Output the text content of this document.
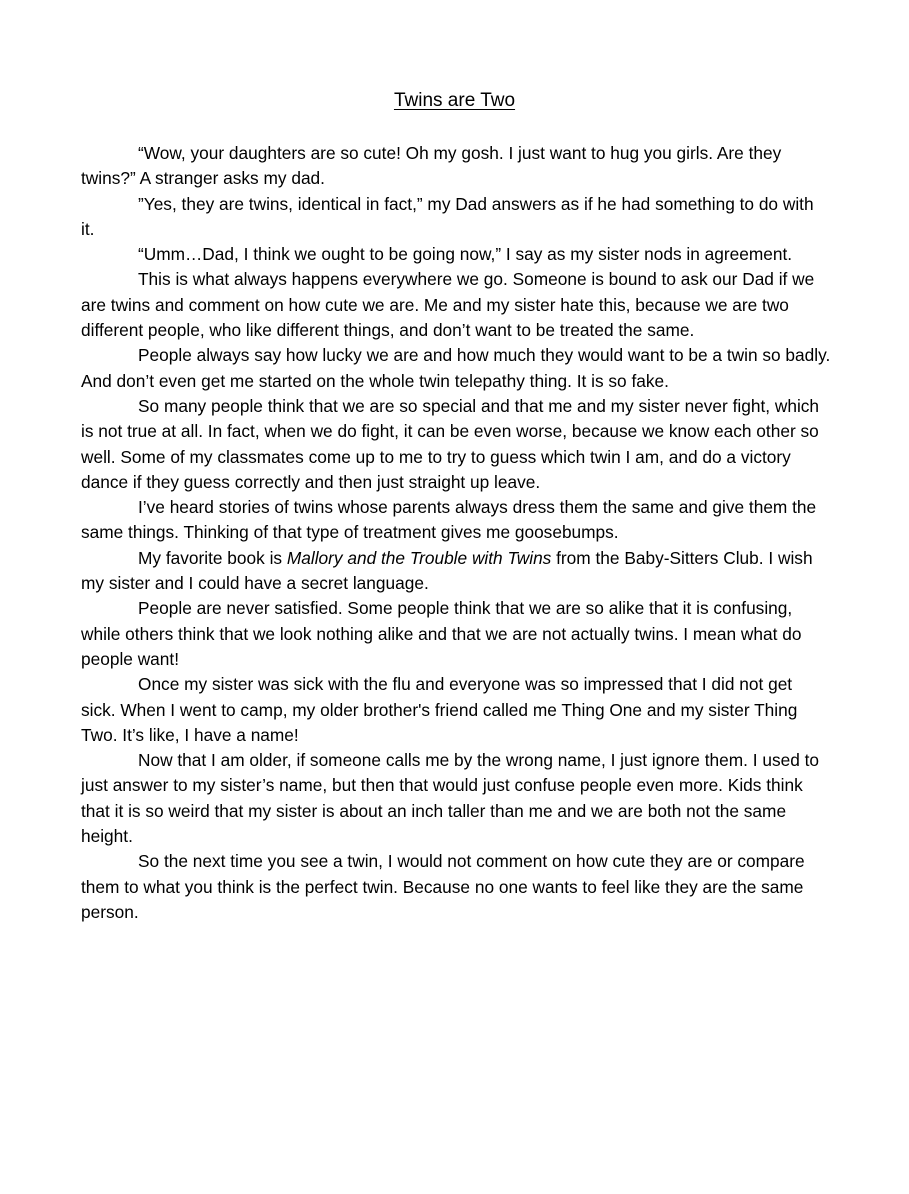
Twins are Two

“Wow, your daughters are so cute! Oh my gosh. I just want to hug you girls. Are they twins?” A stranger asks my dad.

”Yes, they are twins, identical in fact,” my Dad answers as if he had something to do with it.

“Umm…Dad, I think we ought to be going now,” I say as my sister nods in agreement.

This is what always happens everywhere we go. Someone is bound to ask our Dad if we are twins and comment on how cute we are. Me and my sister hate this, because we are two different people, who like different things, and don’t want to be treated the same.

People always say how lucky we are and how much they would want to be a twin so badly. And don’t even get me started on the whole twin telepathy thing. It is so fake.

So many people think that we are so special and that me and my sister never fight, which is not true at all. In fact, when we do fight, it can be even worse, because we know each other so well. Some of my classmates come up to me to try to guess which twin I am, and do a victory dance if they guess correctly and then just straight up leave.

I’ve heard stories of twins whose parents always dress them the same and give them the same things. Thinking of that type of treatment gives me goosebumps.

My favorite book is Mallory and the Trouble with Twins from the Baby-Sitters Club. I wish my sister and I could have a secret language.

People are never satisfied. Some people think that we are so alike that it is confusing, while others think that we look nothing alike and that we are not actually twins. I mean what do people want!

Once my sister was sick with the flu and everyone was so impressed that I did not get sick. When I went to camp, my older brother's friend called me Thing One and my sister Thing Two. It’s like, I have a name!

Now that I am older, if someone calls me by the wrong name, I just ignore them. I used to just answer to my sister’s name, but then that would just confuse people even more. Kids think that it is so weird that my sister is about an inch taller than me and we are both not the same height.

So the next time you see a twin, I would not comment on how cute they are or compare them to what you think is the perfect twin. Because no one wants to feel like they are the same person.
